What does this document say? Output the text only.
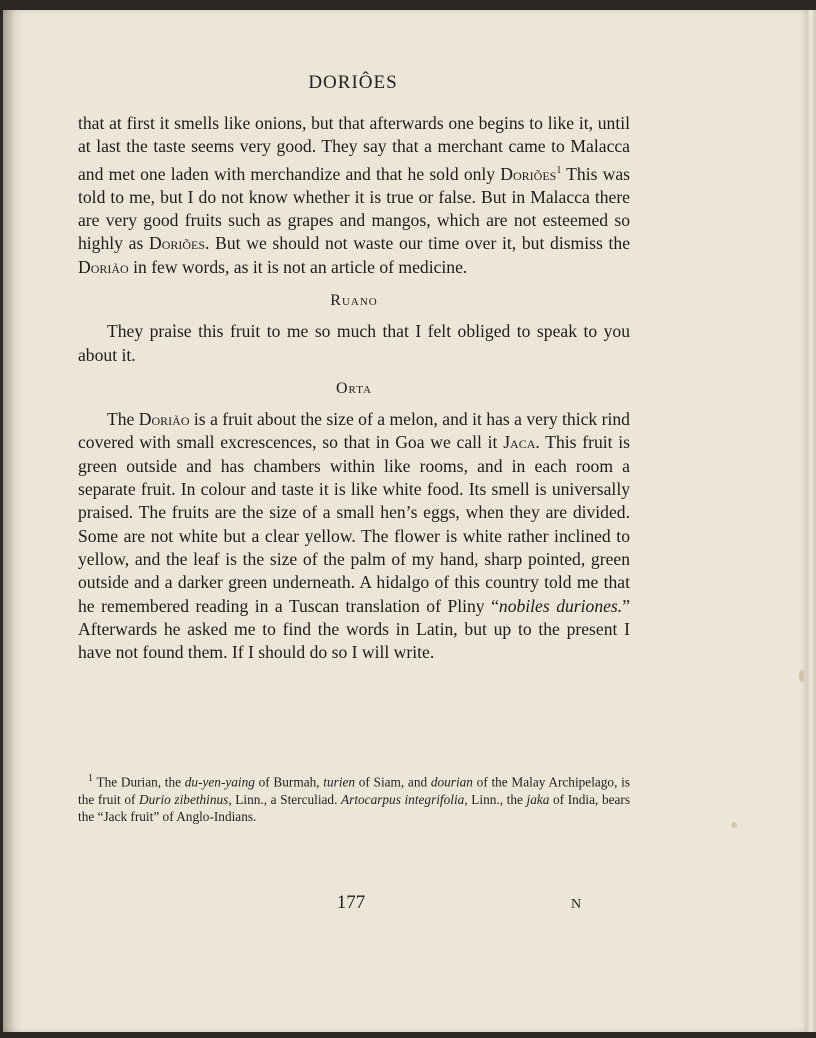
DORIÔES

that at first it smells like onions, but that afterwards one begins to like it, until at last the taste seems very good. They say that a merchant came to Malacca and met one laden with merchandize and that he sold only Doriões$^1$ This was told to me, but I do not know whether it is true or false. But in Malacca there are very good fruits such as grapes and mangos, which are not esteemed so highly as Doriões. But we should not waste our time over it, but dismiss the Dorião in few words, as it is not an article of medicine.

Ruano

They praise this fruit to me so much that I felt obliged to speak to you about it.

Orta

The Dorião is a fruit about the size of a melon, and it has a very thick rind covered with small excrescences, so that in Goa we call it Jaca. This fruit is green outside and has chambers within like rooms, and in each room a separate fruit. In colour and taste it is like white food. Its smell is universally praised. The fruits are the size of a small hen’s eggs, when they are divided. Some are not white but a clear yellow. The flower is white rather inclined to yellow, and the leaf is the size of the palm of my hand, sharp pointed, green outside and a darker green underneath. A hidalgo of this country told me that he remembered reading in a Tuscan translation of Pliny “nobiles duriones.” Afterwards he asked me to find the words in Latin, but up to the present I have not found them. If I should do so I will write.

$^1$ The Durian, the du-yen-yaing of Burmah, turien of Siam, and dourian of the Malay Archipelago, is the fruit of Durio zibethinus, Linn., a Sterculiad. Artocarpus integrifolia, Linn., the jaka of India, bears the “Jack fruit” of Anglo-Indians.

177	N
